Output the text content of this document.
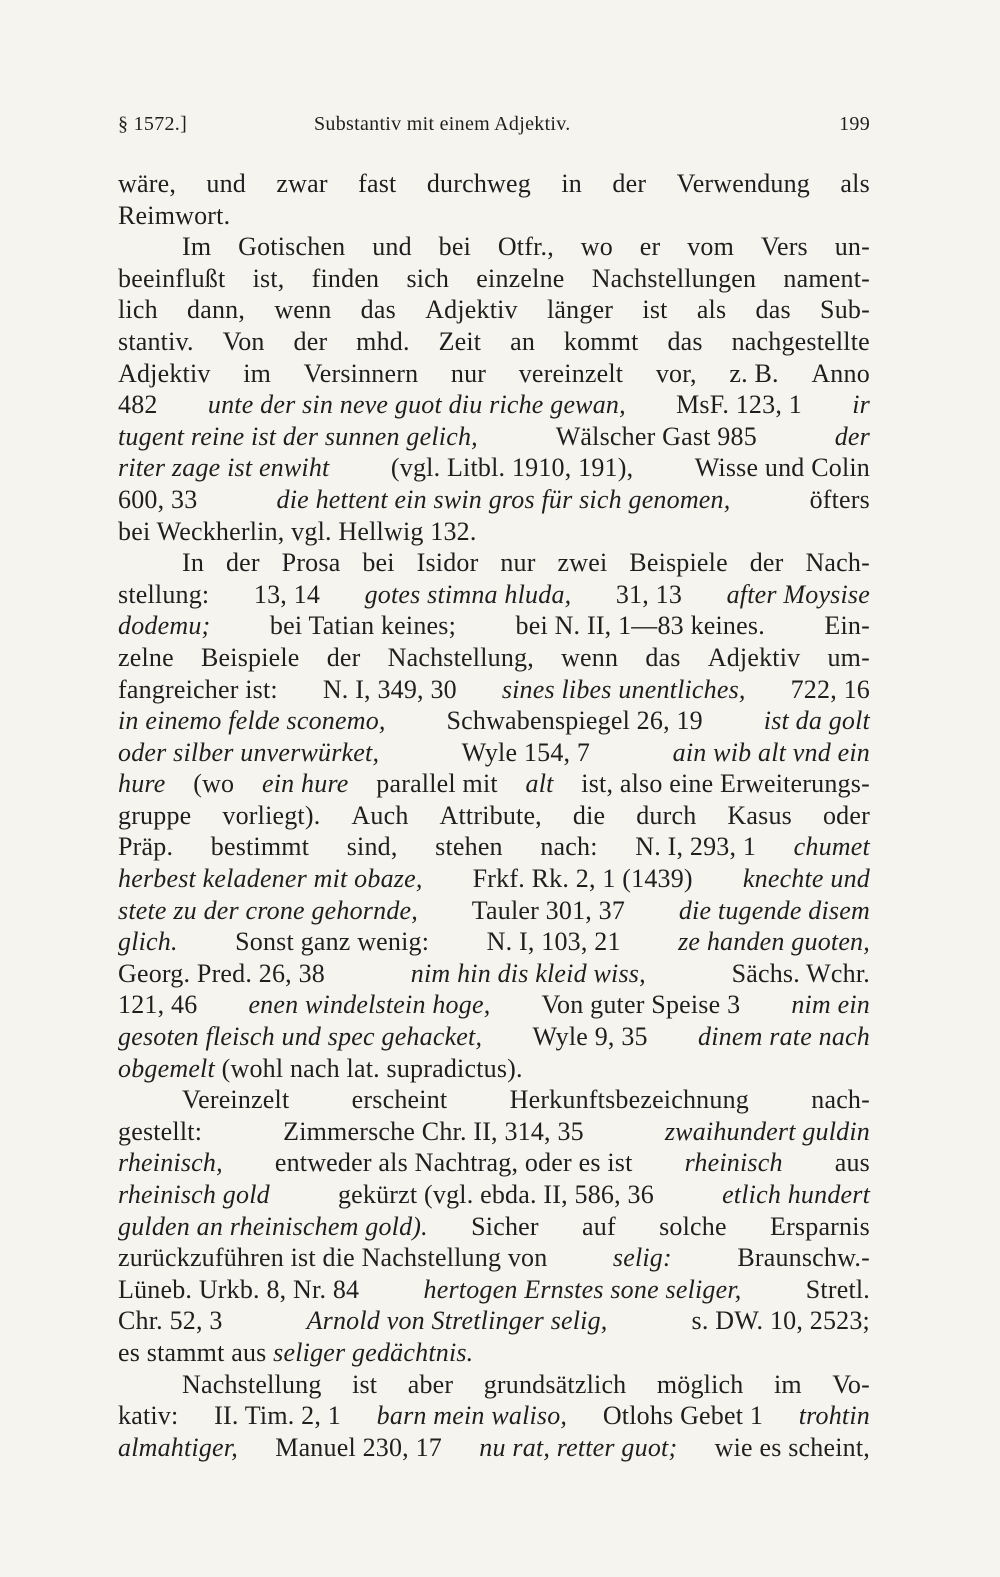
§ 1572.]	Substantiv mit einem Adjektiv.	199
wäre, und zwar fast durchweg in der Verwendung als
Reimwort.
Im Gotischen und bei Otfr., wo er vom Vers un-
beeinflußt ist, finden sich einzelne Nachstellungen nament-
lich dann, wenn das Adjektiv länger ist als das Sub-
stantiv. Von der mhd. Zeit an kommt das nachgestellte
Adjektiv im Versinnern nur vereinzelt vor, z. B. Anno
482 unte der sin neve guot diu riche gewan, MsF. 123, 1 ir
tugent reine ist der sunnen gelich,	Wälscher Gast 985	der
riter zage ist enwiht (vgl. Litbl. 1910, 191), Wisse und Colin
600, 33	die hettent ein swin gros für sich genomen,	öfters
bei Weckherlin, vgl. Hellwig 132.
In der Prosa bei Isidor nur zwei Beispiele der Nach-
stellung: 13, 14 gotes stimna hluda, 31, 13 after Moysise
dodemu; bei Tatian keines; bei N. II, 1—83 keines. Ein-
zelne Beispiele der Nachstellung, wenn das Adjektiv um-
fangreicher ist: N. I, 349, 30 sines libes unentliches, 722, 16
in einemo felde sconemo, Schwabenspiegel 26, 19 ist da golt
oder silber unverwürket,	Wyle 154, 7	ain wib alt vnd ein
hure (wo ein hure parallel mit alt ist, also eine Erweiterungs-
gruppe vorliegt). Auch Attribute, die durch Kasus oder
Präp. bestimmt sind, stehen nach: N. I, 293, 1 chumet
herbest keladener mit obaze, Frkf. Rk. 2, 1 (1439) knechte und
stete zu der crone gehornde, Tauler 301, 37 die tugende disem
glich. Sonst ganz wenig: N. I, 103, 21 ze handen guoten,
Georg. Pred. 26, 38	nim hin dis kleid wiss,	Sächs. Wchr.
121, 46 enen windelstein hoge, Von guter Speise 3 nim ein
gesoten fleisch und spec gehacket, Wyle 9, 35 dinem rate nach
obgemelt (wohl nach lat. supradictus).
Vereinzelt erscheint Herkunftsbezeichnung nach-
gestellt:	Zimmersche Chr. II, 314, 35	zwaihundert guldin
rheinisch, entweder als Nachtrag, oder es ist rheinisch aus
rheinisch gold	gekürzt (vgl. ebda. II, 586, 36	etlich hundert
gulden an rheinischem gold). Sicher auf solche Ersparnis
zurückzuführen ist die Nachstellung von	selig:	Braunschw.-
Lüneb. Urkb. 8, Nr. 84 hertogen Ernstes sone seliger, Stretl.
Chr. 52, 3	Arnold von Stretlinger selig,	s. DW. 10, 2523;
es stammt aus seliger gedächtnis.
Nachstellung ist aber grundsätzlich möglich im Vo-
kativ: II. Tim. 2, 1 barn mein waliso, Otlohs Gebet 1 trohtin
almahtiger, Manuel 230, 17 nu rat, retter guot; wie es scheint,
